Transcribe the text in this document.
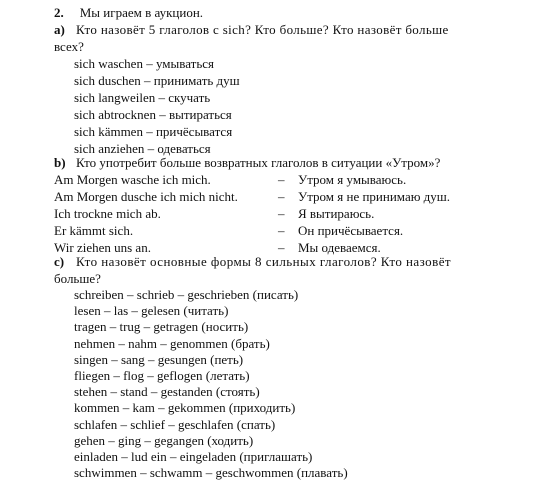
2. Мы играем в аукцион.
a) Кто назовёт 5 глаголов с sich? Кто больше? Кто назовёт больше
всех?
sich waschen – умываться
sich duschen – принимать душ
sich langweilen – скучать
sich abtrocknen – вытираться
sich kämmen – причёсыватся
sich anziehen – одеваться
b) Кто употребит больше возвратных глаголов в ситуации «Утром»?
Am Morgen wasche ich mich.	– Утром я умываюсь.
Am Morgen dusche ich mich nicht.	– Утром я не принимаю душ.
Ich trockne mich ab.	– Я вытираюсь.
Er kämmt sich.	– Он причёсывается.
Wir ziehen uns an.	– Мы одеваемся.
c) Кто назовёт основные формы 8 сильных глаголов? Кто назовёт
больше?
schreiben – schrieb – geschrieben (писать)
lesen – las – gelesen (читать)
tragen – trug – getragen (носить)
nehmen – nahm – genommen (брать)
singen – sang – gesungen (петь)
fliegen – flog – geflogen (летать)
stehen – stand – gestanden (стоять)
kommen – kam – gekommen (приходить)
schlafen – schlief – geschlafen (спать)
gehen – ging – gegangen (ходить)
einladen – lud ein – eingeladen (приглашать)
schwimmen – schwamm – geschwommen (плавать)
